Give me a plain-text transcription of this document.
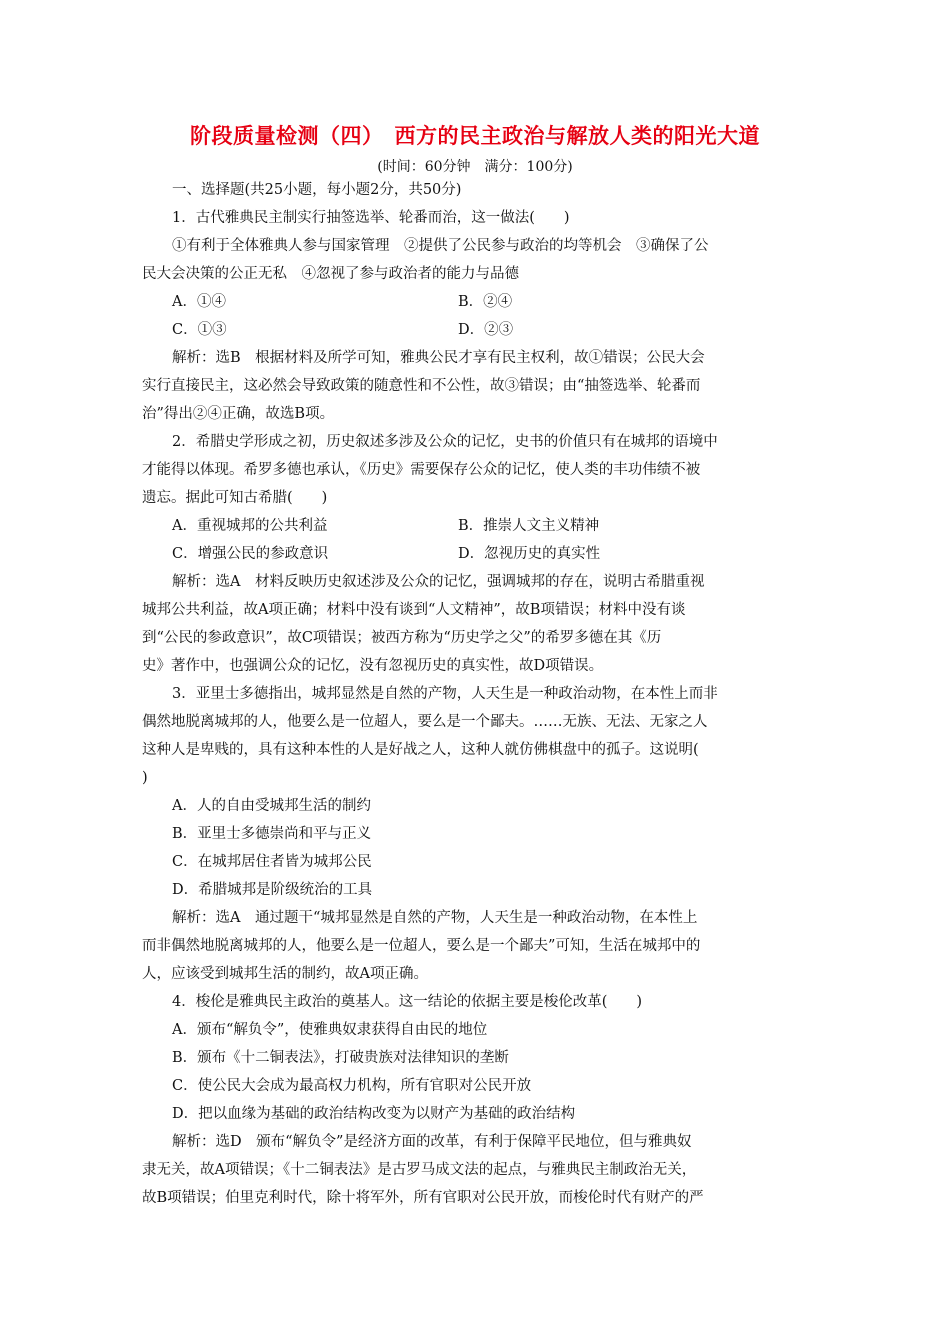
阶段质量检测（四）　西方的民主政治与解放人类的阳光大道
(时间：60分钟　满分：100分)
一、选择题(共25小题，每小题2分，共50分)
1．古代雅典民主制实行抽签选举、轮番而治，这一做法(　　)
①有利于全体雅典人参与国家管理　②提供了公民参与政治的均等机会　③确保了公
民大会决策的公正无私　④忽视了参与政治者的能力与品德
A．①④	B．②④
C．①③	D．②③
解析：选B　根据材料及所学可知，雅典公民才享有民主权利，故①错误；公民大会
实行直接民主，这必然会导致政策的随意性和不公性，故③错误；由“抽签选举、轮番而
治”得出②④正确，故选B项。
2．希腊史学形成之初，历史叙述多涉及公众的记忆，史书的价值只有在城邦的语境中
才能得以体现。希罗多德也承认，《历史》需要保存公众的记忆，使人类的丰功伟绩不被
遗忘。据此可知古希腊(　　)
A．重视城邦的公共利益	B．推崇人文主义精神
C．增强公民的参政意识	D．忽视历史的真实性
解析：选A　材料反映历史叙述涉及公众的记忆，强调城邦的存在，说明古希腊重视
城邦公共利益，故A项正确；材料中没有谈到“人文精神”，故B项错误；材料中没有谈
到“公民的参政意识”，故C项错误；被西方称为“历史学之父”的希罗多德在其《历
史》著作中，也强调公众的记忆，没有忽视历史的真实性，故D项错误。
3．亚里士多德指出，城邦显然是自然的产物，人天生是一种政治动物，在本性上而非
偶然地脱离城邦的人，他要么是一位超人，要么是一个鄙夫。……无族、无法、无家之人
这种人是卑贱的，具有这种本性的人是好战之人，这种人就仿佛棋盘中的孤子。这说明(
)
A．人的自由受城邦生活的制约
B．亚里士多德崇尚和平与正义
C．在城邦居住者皆为城邦公民
D．希腊城邦是阶级统治的工具
解析：选A　通过题干“城邦显然是自然的产物，人天生是一种政治动物，在本性上
而非偶然地脱离城邦的人，他要么是一位超人，要么是一个鄙夫”可知，生活在城邦中的
人，应该受到城邦生活的制约，故A项正确。
4．梭伦是雅典民主政治的奠基人。这一结论的依据主要是梭伦改革(　　)
A．颁布“解负令”，使雅典奴隶获得自由民的地位
B．颁布《十二铜表法》，打破贵族对法律知识的垄断
C．使公民大会成为最高权力机构，所有官职对公民开放
D．把以血缘为基础的政治结构改变为以财产为基础的政治结构
解析：选D　颁布“解负令”是经济方面的改革，有利于保障平民地位，但与雅典奴
隶无关，故A项错误；《十二铜表法》是古罗马成文法的起点，与雅典民主制政治无关，
故B项错误；伯里克利时代，除十将军外，所有官职对公民开放，而梭伦时代有财产的严
